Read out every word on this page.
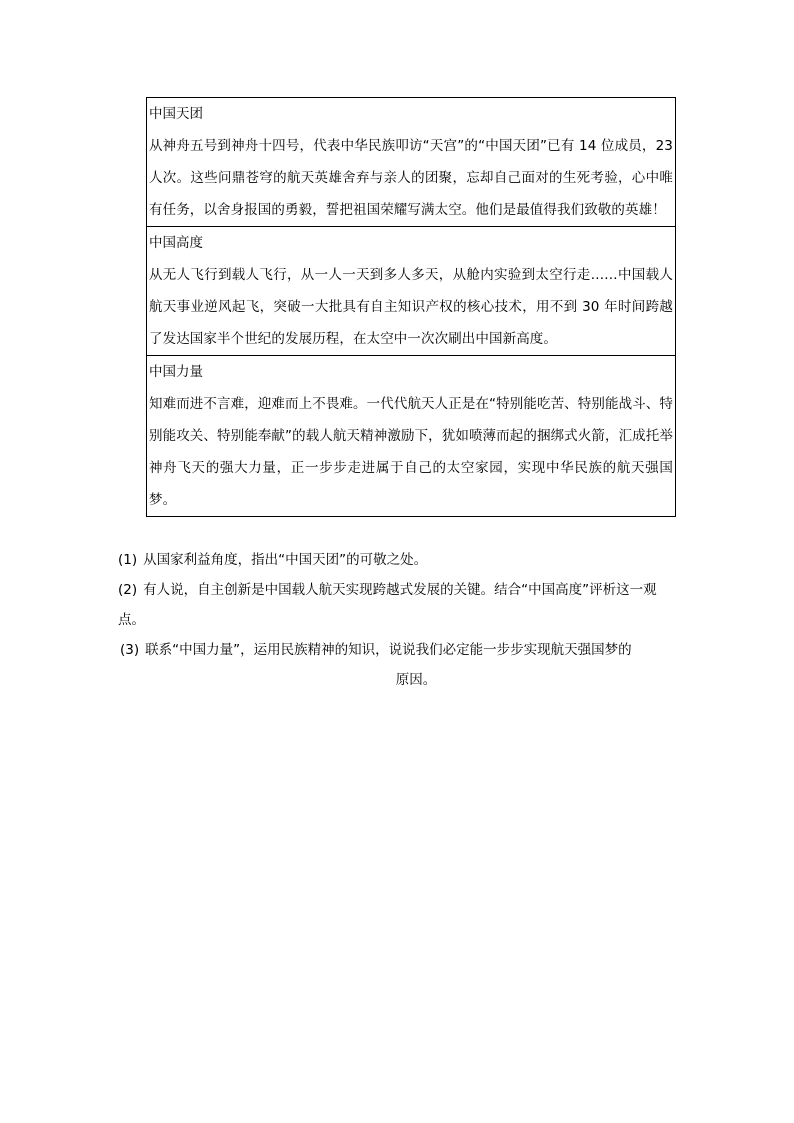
中国天团
从神舟五号到神舟十四号，代表中华民族叩访“天宫”的“中国天团”已有 14 位成员，23 人次。这些问鼎苍穹的航天英雄舍弃与亲人的团聚，忘却自己面对的生死考验，心中唯有任务，以舍身报国的勇毅，誓把祖国荣耀写满太空。他们是最值得我们致敬的英雄！

中国高度
从无人飞行到载人飞行，从一人一天到多人多天，从舱内实验到太空行走……中国载人航天事业逆风起飞，突破一大批具有自主知识产权的核心技术，用不到 30 年时间跨越了发达国家半个世纪的发展历程，在太空中一次次刷出中国新高度。

中国力量
知难而进不言难，迎难而上不畏难。一代代航天人正是在“特别能吃苦、特别能战斗、特别能攻关、特别能奉献”的载人航天精神激励下，犹如喷薄而起的捆绑式火箭，汇成托举神舟飞天的强大力量，正一步步走进属于自己的太空家园，实现中华民族的航天强国梦。

(1) 从国家利益角度，指出“中国天团”的可敬之处。

(2) 有人说，自主创新是中国载人航天实现跨越式发展的关键。结合“中国高度”评析这一观点。

(3) 联系“中国力量”，运用民族精神的知识，说说我们必定能一步步实现航天强国梦的
原因。
